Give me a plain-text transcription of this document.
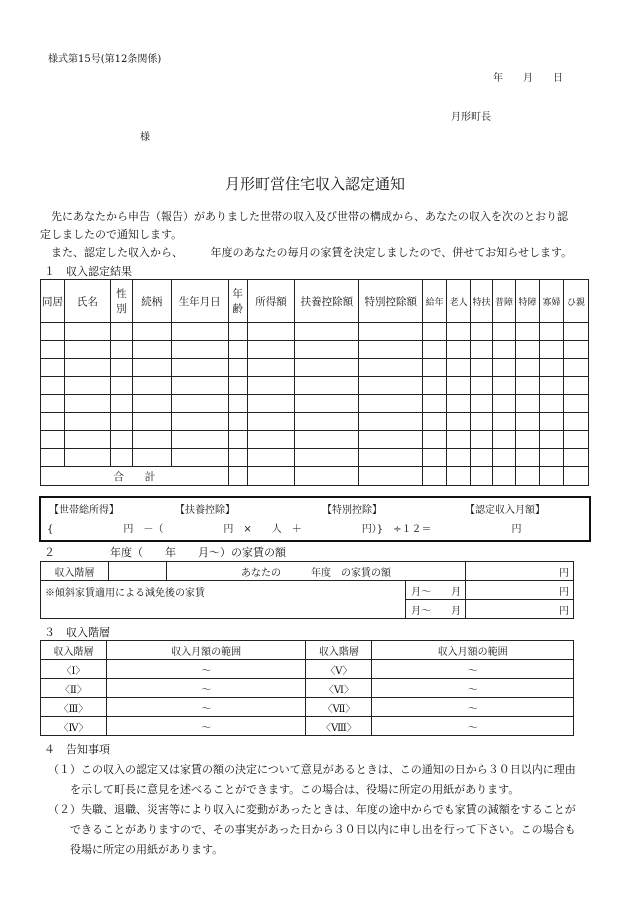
様式第15号(第12条関係)
年　　月　　日
月形町長
様
月形町営住宅収入認定通知
　先にあなたから申告（報告）がありました世帯の収入及び世帯の構成から、あなたの収入を次のとおり認
定しましたので通知します。
　また、認定した収入から、　　　年度のあなたの毎月の家賃を決定しましたので、併せてお知らせします。
１　収入認定結果
同居	氏名	性別	続柄	生年月日	年齢	所得額	扶養控除額	特別控除額	給年	老人	特扶	普障	特障	寡婦	ひ親

合　　計															
【世帯総所得】	【扶養控除】	【特別控除】	【認定収入月額】
{　　　　　　　円　－（　　　　　　円　×　　人　＋　　　　　　円）}　÷１２＝　　　　　　　　円
２　　　　　年度（　　年　　月～）の家賃の額
収入階層		あなたの　　　年度　の家賃の額		円
※傾斜家賃適用による減免後の家賃			月～　　月	円
			月～　　月	円
３　収入階層
収入階層	収入月額の範囲	収入階層	収入月額の範囲
〈Ⅰ〉	～	〈Ⅴ〉	～
〈Ⅱ〉	～	〈Ⅵ〉	～
〈Ⅲ〉	～	〈Ⅶ〉	～
〈Ⅳ〉	～	〈Ⅷ〉	～
４　告知事項
（１）この収入の認定又は家賃の額の決定について意見があるときは、この通知の日から３０日以内に理由
　　を示して町長に意見を述べることができます。この場合は、役場に所定の用紙があります。
（２）失職、退職、災害等により収入に変動があったときは、年度の途中からでも家賃の減額をすることが
　　できることがありますので、その事実があった日から３０日以内に申し出を行って下さい。この場合も
　　役場に所定の用紙があります。
